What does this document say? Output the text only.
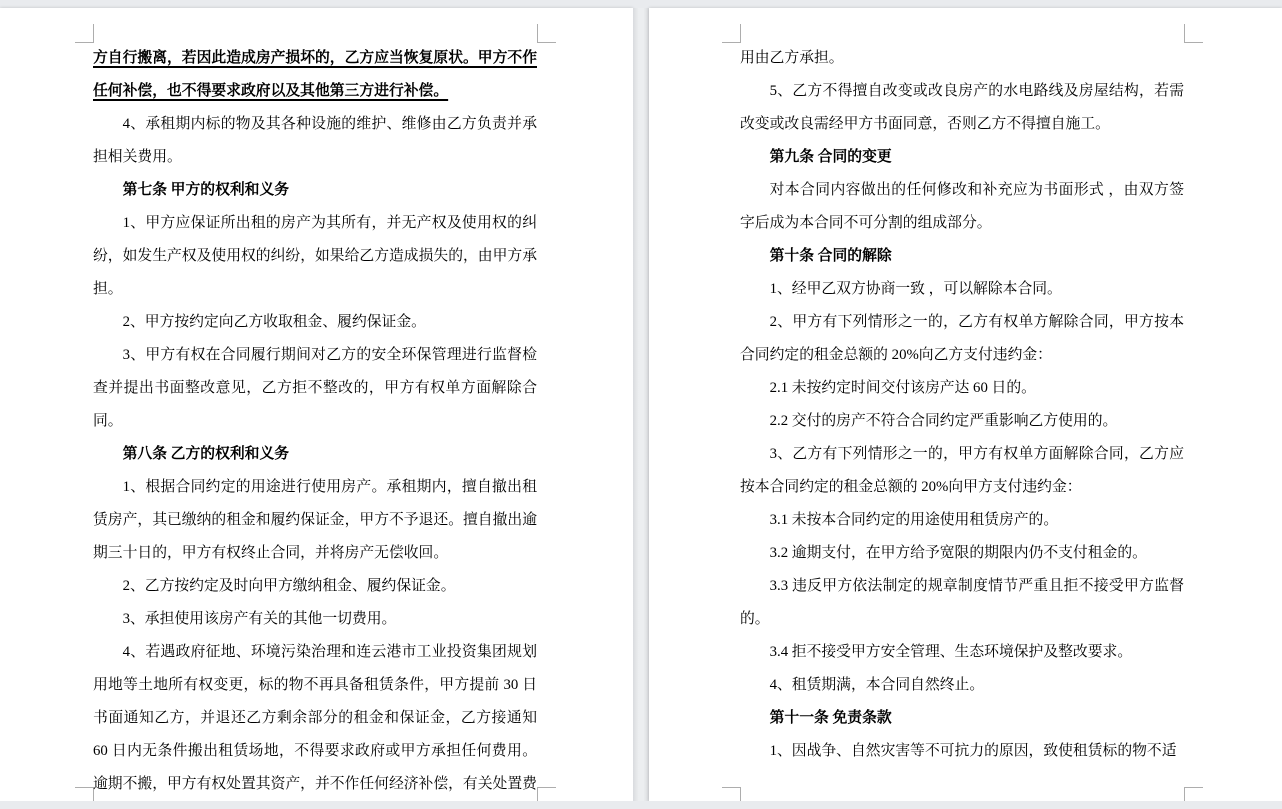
方自行搬离，若因此造成房产损坏的，乙方应当恢复原状。甲方不作任何补偿，也不得要求政府以及其他第三方进行补偿。

4、承租期内标的物及其各种设施的维护、维修由乙方负责并承担相关费用。

第七条 甲方的权利和义务

1、甲方应保证所出租的房产为其所有，并无产权及使用权的纠纷，如发生产权及使用权的纠纷，如果给乙方造成损失的，由甲方承担。

2、甲方按约定向乙方收取租金、履约保证金。

3、甲方有权在合同履行期间对乙方的安全环保管理进行监督检查并提出书面整改意见，乙方拒不整改的，甲方有权单方面解除合同。

第八条 乙方的权利和义务

1、根据合同约定的用途进行使用房产。承租期内，擅自撤出租赁房产，其已缴纳的租金和履约保证金，甲方不予退还。擅自撤出逾期三十日的，甲方有权终止合同，并将房产无偿收回。

2、乙方按约定及时向甲方缴纳租金、履约保证金。

3、承担使用该房产有关的其他一切费用。

4、若遇政府征地、环境污染治理和连云港市工业投资集团规划用地等土地所有权变更，标的物不再具备租赁条件，甲方提前 30 日书面通知乙方，并退还乙方剩余部分的租金和保证金，乙方接通知 60 日内无条件搬出租赁场地，不得要求政府或甲方承担任何费用。逾期不搬，甲方有权处置其资产，并不作任何经济补偿，有关处置费

用由乙方承担。

5、乙方不得擅自改变或改良房产的水电路线及房屋结构，若需改变或改良需经甲方书面同意，否则乙方不得擅自施工。

第九条 合同的变更

对本合同内容做出的任何修改和补充应为书面形式 ，由双方签字后成为本合同不可分割的组成部分。

第十条 合同的解除

1、经甲乙双方协商一致 ，可以解除本合同。

2、甲方有下列情形之一的，乙方有权单方解除合同，甲方按本合同约定的租金总额的 20%向乙方支付违约金：

2.1 未按约定时间交付该房产达 60 日的。

2.2 交付的房产不符合合同约定严重影响乙方使用的。

3、乙方有下列情形之一的，甲方有权单方面解除合同，乙方应按本合同约定的租金总额的 20%向甲方支付违约金：

3.1 未按本合同约定的用途使用租赁房产的。

3.2 逾期支付，在甲方给予宽限的期限内仍不支付租金的。

3.3 违反甲方依法制定的规章制度情节严重且拒不接受甲方监督的。

3.4 拒不接受甲方安全管理、生态环境保护及整改要求。

4、租赁期满，本合同自然终止。

第十一条 免责条款

1、因战争、自然灾害等不可抗力的原因，致使租赁标的物不适
